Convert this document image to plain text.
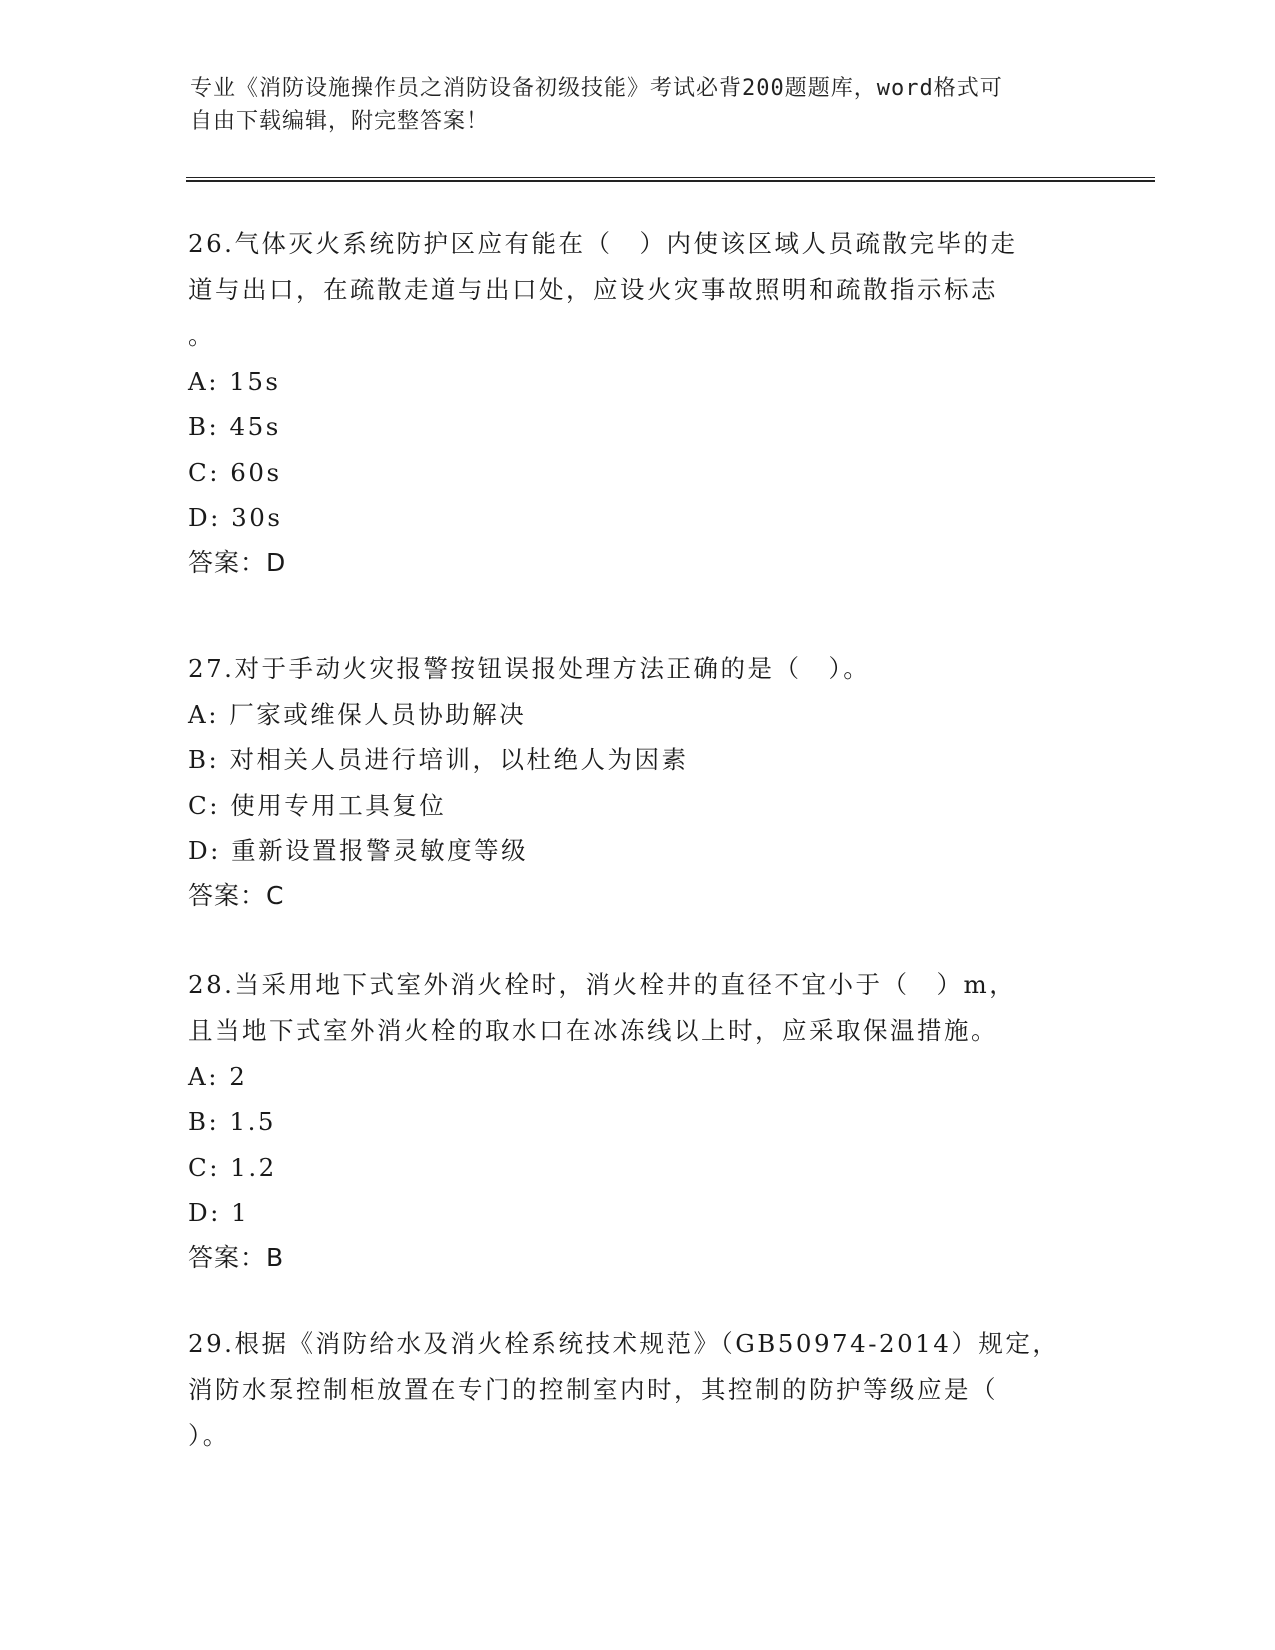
专业《消防设施操作员之消防设备初级技能》考试必背200题题库，word格式可
自由下载编辑，附完整答案！
26.气体灭火系统防护区应有能在（　）内使该区域人员疏散完毕的走
道与出口，在疏散走道与出口处，应设火灾事故照明和疏散指示标志
。
A: 15s
B: 45s
C: 60s
D: 30s
答案：D
27.对于手动火灾报警按钮误报处理方法正确的是（　）。
A: 厂家或维保人员协助解决
B: 对相关人员进行培训，以杜绝人为因素
C: 使用专用工具复位
D: 重新设置报警灵敏度等级
答案：C
28.当采用地下式室外消火栓时，消火栓井的直径不宜小于（　）m，
且当地下式室外消火栓的取水口在冰冻线以上时，应采取保温措施。
A: 2
B: 1.5
C: 1.2
D: 1
答案：B
29.根据《消防给水及消火栓系统技术规范》（GB50974-2014）规定，
消防水泵控制柜放置在专门的控制室内时，其控制的防护等级应是（
）。
